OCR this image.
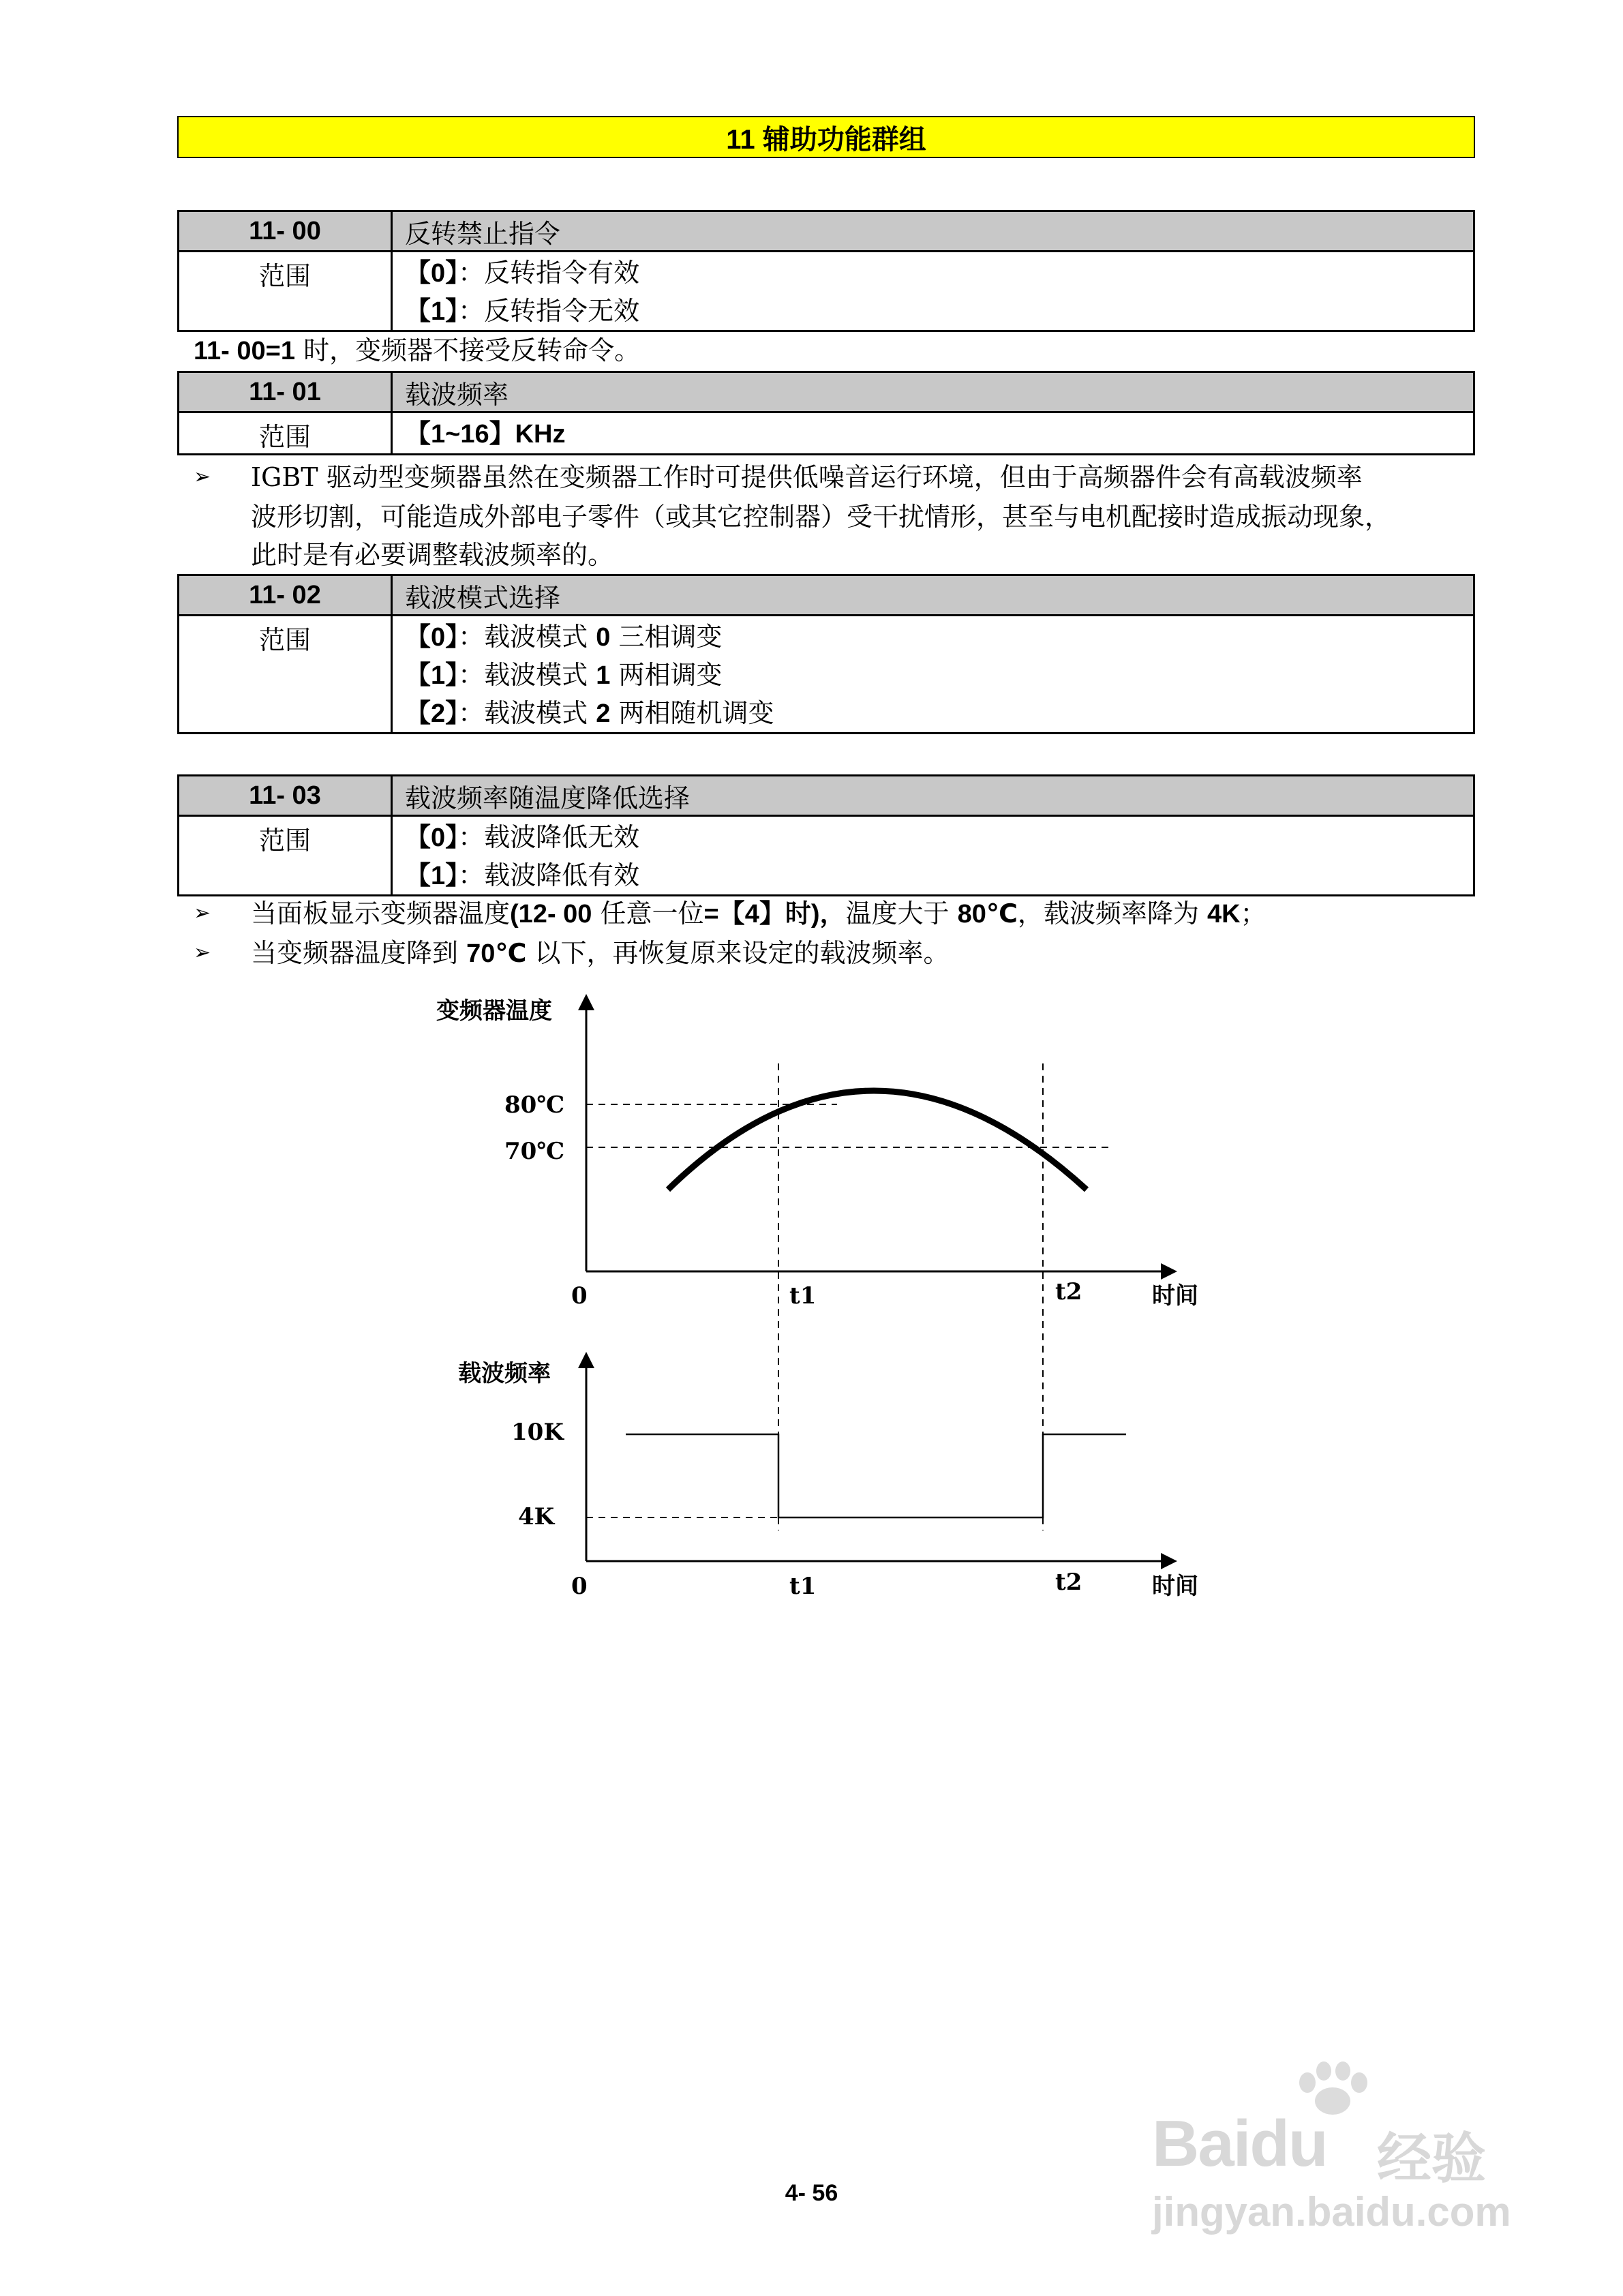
11 辅助功能群组
11- 00	反转禁止指令
范围	【0】：反转指令有效
【1】：反转指令无效
11- 00=1 时，变频器不接受反转命令。
11- 01	载波频率
范围	【1~16】KHz
➢ IGBT 驱动型变频器虽然在变频器工作时可提供低噪音运行环境，但由于高频器件会有高载波频率
波形切割，可能造成外部电子零件（或其它控制器）受干扰情形，甚至与电机配接时造成振动现象，
此时是有必要调整载波频率的。
11- 02	载波模式选择
范围	【0】：载波模式 0 三相调变
【1】：载波模式 1 两相调变
【2】：载波模式 2 两相随机调变
11- 03	载波频率随温度降低选择
范围	【0】：载波降低无效
【1】：载波降低有效
➢ 当面板显示变频器温度(12- 00 任意一位=【4】时)，温度大于 80℃，载波频率降为 4K；
➢ 当变频器温度降到 70℃ 以下，再恢复原来设定的载波频率。
变频器温度
80℃
70℃
0	t1	t2	时间
载波频率
10K
4K
0	t1	t2	时间
4- 56
Baidu 经验
jingyan.baidu.com
